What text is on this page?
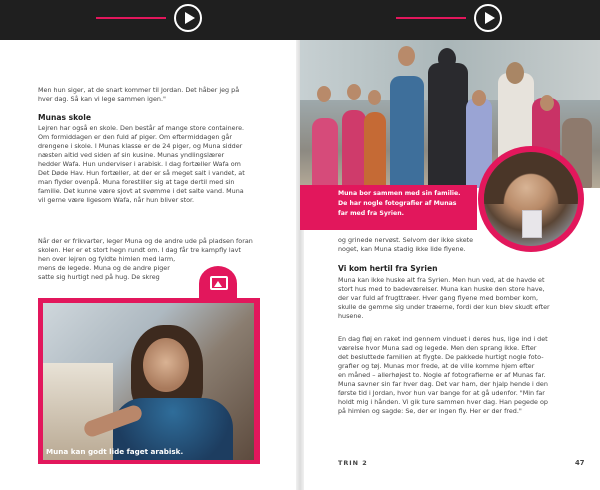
Men hun siger, at de snart kommer til Jordan. Det håber jeg på
hver dag. Så kan vi lege sammen igen."
Munas skole
Lejren har også en skole. Den består af mange store containere.
Om formiddagen er den fuld af piger. Om eftermiddagen går
drengene i skole. I Munas klasse er de 24 piger, og Muna sidder
næsten altid ved siden af sin kusine. Munas yndlingslærer
hedder Wafa. Hun underviser i arabisk. I dag fortæller Wafa om
Det Døde Hav. Hun fortæller, at der er så meget salt i vandet, at
man flyder ovenpå. Muna forestiller sig at tage dertil med sin
familie. Det kunne være sjovt at svømme i det salte vand. Muna
vil gerne være ligesom Wafa, når hun bliver stor.
Når der er frikvarter, leger Muna og de andre ude på pladsen foran
skolen. Her er et stort hegn rundt om. I dag får tre kampfly lavt
hen over lejren og fyldte himlen med larm,
mens de legede. Muna og de andre piger
satte sig hurtigt ned på hug. De skreg
Muna kan godt lide faget arabisk.
Muna bor sammen med sin familie.
De har nogle fotografier af Munas
far med fra Syrien.
og grinede nervøst. Selvom der ikke skete
noget, kan Muna stadig ikke lide flyene.
Vi kom hertil fra Syrien
Muna kan ikke huske alt fra Syrien. Men hun ved, at de havde et
stort hus med to badeværelser. Muna kan huske den store have,
der var fuld af frugttræer. Hver gang flyene med bomber kom,
skulle de gemme sig under træerne, fordi der kun blev skudt efter
husene.
En dag fløj en raket ind gennem vinduet i deres hus, lige ind i det
værelse hvor Muna sad og legede. Men den sprang ikke. Efter
det besluttede familien at flygte. De pakkede hurtigt nogle foto-
grafier og tøj. Munas mor frede, at de ville komme hjem efter
en måned – allerhøjest to. Nogle af fotografierne er af Munas far.
Muna savner sin far hver dag. Det var ham, der hjalp hende i den
første tid i Jordan, hvor hun var bange for at gå udenfor. "Min far
holdt mig i hånden. Vi gik ture sammen hver dag. Han pegede op
på himlen og sagde: Se, der er ingen fly. Her er der fred."
TRIN 2	47
